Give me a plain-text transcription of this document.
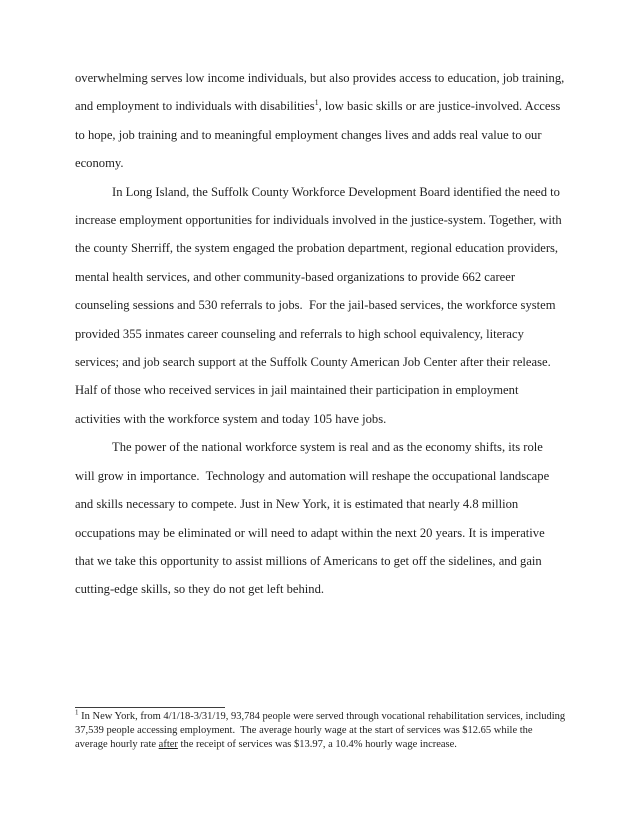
overwhelming serves low income individuals, but also provides access to education, job training, and employment to individuals with disabilities$^1$, low basic skills or are justice-involved. Access to hope, job training and to meaningful employment changes lives and adds real value to our economy.

In Long Island, the Suffolk County Workforce Development Board identified the need to increase employment opportunities for individuals involved in the justice-system. Together, with the county Sherriff, the system engaged the probation department, regional education providers, mental health services, and other community-based organizations to provide 662 career counseling sessions and 530 referrals to jobs.  For the jail-based services, the workforce system provided 355 inmates career counseling and referrals to high school equivalency, literacy services; and job search support at the Suffolk County American Job Center after their release. Half of those who received services in jail maintained their participation in employment activities with the workforce system and today 105 have jobs.

The power of the national workforce system is real and as the economy shifts, its role will grow in importance.  Technology and automation will reshape the occupational landscape and skills necessary to compete. Just in New York, it is estimated that nearly 4.8 million occupations may be eliminated or will need to adapt within the next 20 years. It is imperative that we take this opportunity to assist millions of Americans to get off the sidelines, and gain cutting-edge skills, so they do not get left behind.

$^1$ In New York, from 4/1/18-3/31/19, 93,784 people were served through vocational rehabilitation services, including 37,539 people accessing employment.  The average hourly wage at the start of services was $12.65 while the average hourly rate after the receipt of services was $13.97, a 10.4% hourly wage increase.
